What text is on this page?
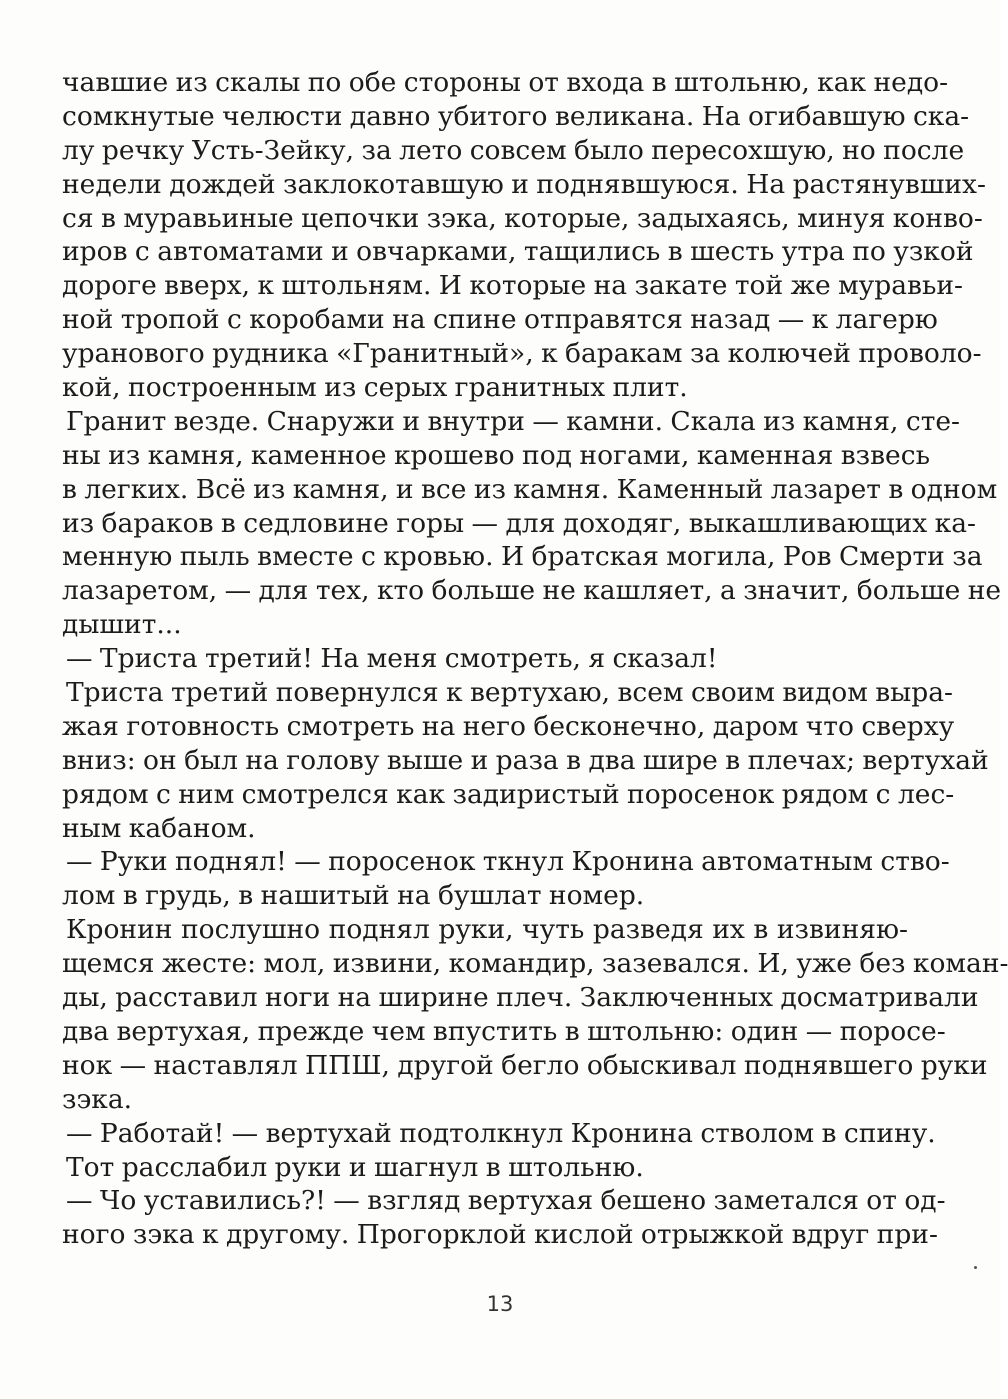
чавшие из скалы по обе стороны от входа в штольню, как недо-
сомкнутые челюсти давно убитого великана. На огибавшую ска-
лу речку Усть-Зейку, за лето совсем было пересохшую, но после
недели дождей заклокотавшую и поднявшуюся. На растянувших-
ся в муравьиные цепочки зэка, которые, задыхаясь, минуя конво-
иров с автоматами и овчарками, тащились в шесть утра по узкой
дороге вверх, к штольням. И которые на закате той же муравьи-
ной тропой с коробами на спине отправятся назад — к лагерю
уранового рудника «Гранитный», к баракам за колючей проволо-
кой, построенным из серых гранитных плит.
Гранит везде. Снаружи и внутри — камни. Скала из камня, сте-
ны из камня, каменное крошево под ногами, каменная взвесь
в легких. Всё из камня, и все из камня. Каменный лазарет в одном
из бараков в седловине горы — для доходяг, выкашливающих ка-
менную пыль вместе с кровью. И братская могила, Ров Смерти за
лазаретом, — для тех, кто больше не кашляет, а значит, больше не
дышит...
— Триста третий! На меня смотреть, я сказал!
Триста третий повернулся к вертухаю, всем своим видом выра-
жая готовность смотреть на него бесконечно, даром что сверху
вниз: он был на голову выше и раза в два шире в плечах; вертухай
рядом с ним смотрелся как задиристый поросенок рядом с лес-
ным кабаном.
— Руки поднял! — поросенок ткнул Кронина автоматным ство-
лом в грудь, в нашитый на бушлат номер.
Кронин послушно поднял руки, чуть разведя их в извиняю-
щемся жесте: мол, извини, командир, зазевался. И, уже без коман-
ды, расставил ноги на ширине плеч. Заключенных досматривали
два вертухая, прежде чем впустить в штольню: один — поросе-
нок — наставлял ППШ, другой бегло обыскивал поднявшего руки
зэка.
— Работай! — вертухай подтолкнул Кронина стволом в спину.
Тот расслабил руки и шагнул в штольню.
— Чо уставились?! — взгляд вертухая бешено заметался от од-
ного зэка к другому. Прогорклой кислой отрыжкой вдруг при-
13
